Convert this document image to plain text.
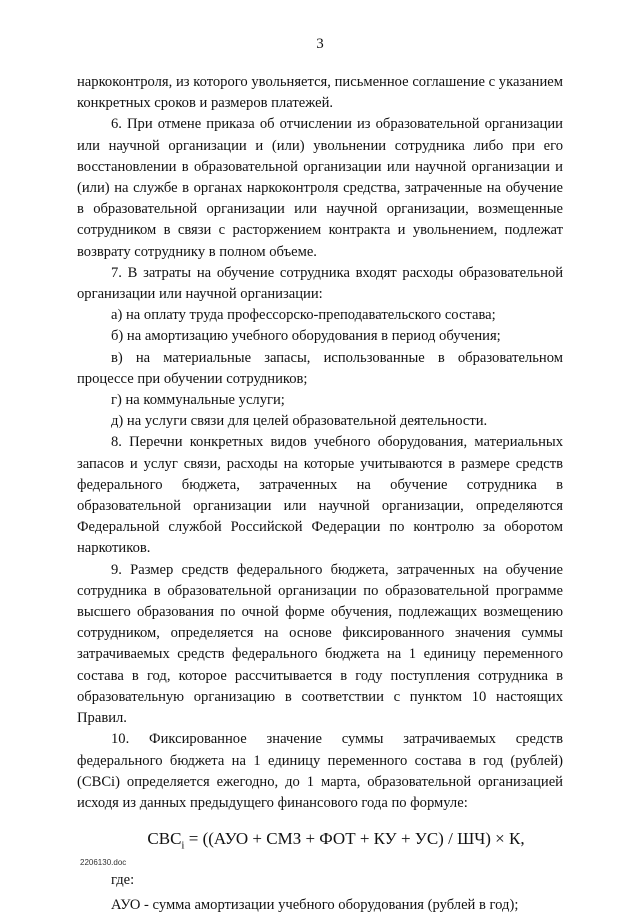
3

наркоконтроля, из которого увольняется, письменное соглашение с указанием конкретных сроков и размеров платежей.

6. При отмене приказа об отчислении из образовательной организации или научной организации и (или) увольнении сотрудника либо при его восстановлении в образовательной организации или научной организации и (или) на службе в органах наркоконтроля средства, затраченные на обучение в образовательной организации или научной организации, возмещенные сотрудником в связи с расторжением контракта и увольнением, подлежат возврату сотруднику в полном объеме.

7. В затраты на обучение сотрудника входят расходы образовательной организации или научной организации:

а) на оплату труда профессорско-преподавательского состава;

б) на амортизацию учебного оборудования в период обучения;

в) на материальные запасы, использованные в образовательном процессе при обучении сотрудников;

г) на коммунальные услуги;

д) на услуги связи для целей образовательной деятельности.

8. Перечни конкретных видов учебного оборудования, материальных запасов и услуг связи, расходы на которые учитываются в размере средств федерального бюджета, затраченных на обучение сотрудника в образовательной организации или научной организации, определяются Федеральной службой Российской Федерации по контролю за оборотом наркотиков.

9. Размер средств федерального бюджета, затраченных на обучение сотрудника в образовательной организации по образовательной программе высшего образования по очной форме обучения, подлежащих возмещению сотрудником, определяется на основе фиксированного значения суммы затрачиваемых средств федерального бюджета на 1 единицу переменного состава в год, которое рассчитывается в году поступления сотрудника в образовательную организацию в соответствии с пунктом 10 настоящих Правил.

10. Фиксированное значение суммы затрачиваемых средств федерального бюджета на 1 единицу переменного состава в год (рублей) (СВСi) определяется ежегодно, до 1 марта, образовательной организацией исходя из данных предыдущего финансового года по формуле:

$СВС_i = ((АУО$ + СМЗ + ФОТ + КУ + УС) / ШЧ) × К,

где:

АУО - сумма амортизации учебного оборудования (рублей в год);

2206130.doc
